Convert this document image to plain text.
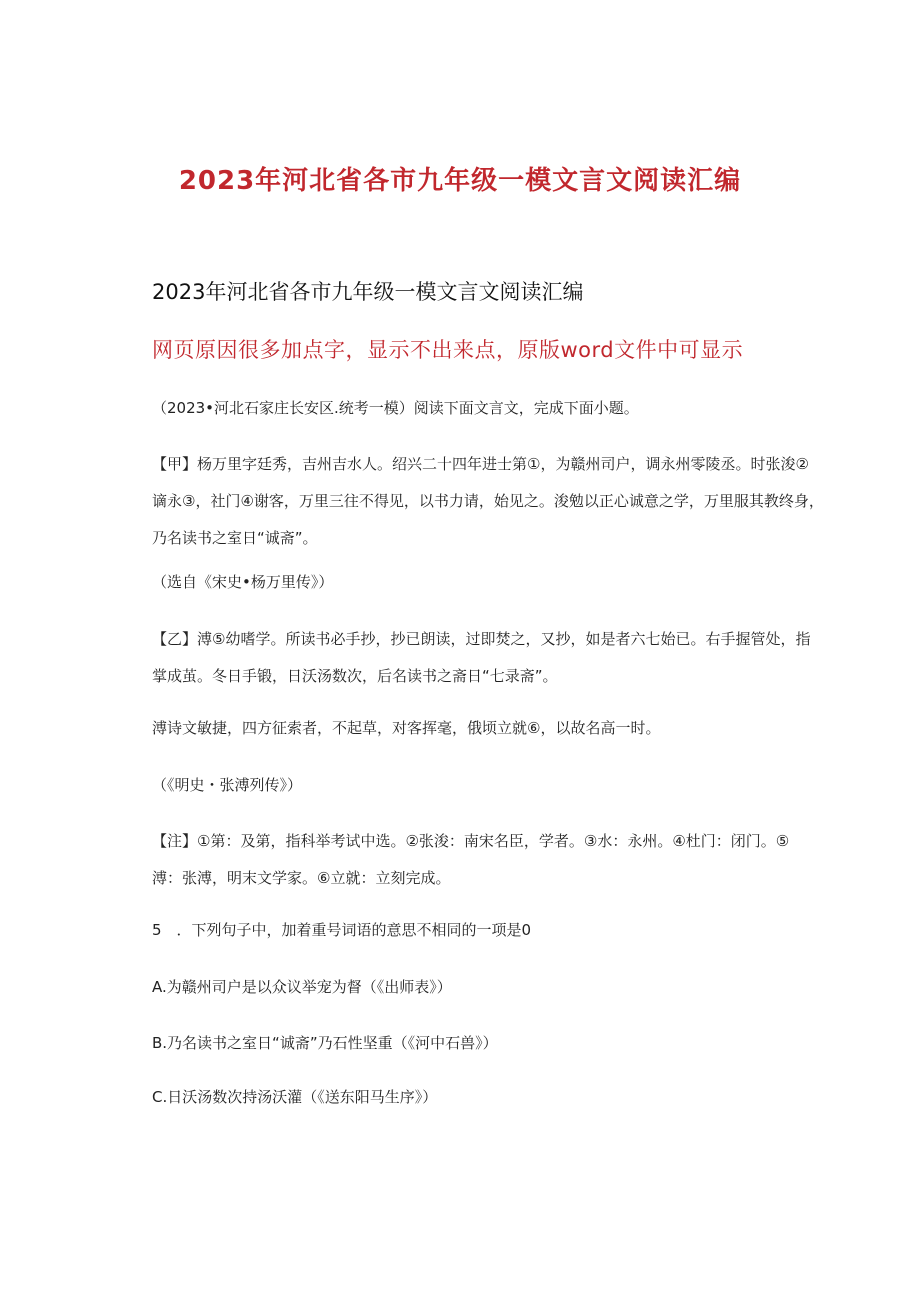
2023年河北省各市九年级一模文言文阅读汇编

2023年河北省各市九年级一模文言文阅读汇编

网页原因很多加点字，显示不出来点，原版word文件中可显示

（2023•河北石家庄长安区.统考一模）阅读下面文言文，完成下面小题。

【甲】杨万里字廷秀，吉州吉水人。绍兴二十四年进士第①，为赣州司户，调永州零陵丞。时张浚②
谪永③，社门④谢客，万里三往不得见，以书力请，始见之。浚勉以正心诚意之学，万里服其教终身，
乃名读书之室日“诚斋”。

（选自《宋史•杨万里传》）

【乙】溥⑤幼嗜学。所读书必手抄，抄已朗读，过即焚之，又抄，如是者六七始已。右手握管处，指
掌成茧。冬日手锻，日沃汤数次，后名读书之斋日“七录斋”。

溥诗文敏捷，四方征索者，不起草，对客挥毫，俄顷立就⑥，以故名高一时。

（《明史・张溥列传》）

【注】①第：及第，指科举考试中选。②张浚：南宋名臣，学者。③水：永州。④杜门：闭门。⑤
溥：张溥，明末文学家。⑥立就：立刻完成。

5　．下列句子中，加着重号词语的意思不相同的一项是0

A.为赣州司户是以众议举宠为督（《出师表》）

B.乃名读书之室日“诚斋”乃石性坚重（《河中石兽》）

C.日沃汤数次持汤沃灌（《送东阳马生序》）
